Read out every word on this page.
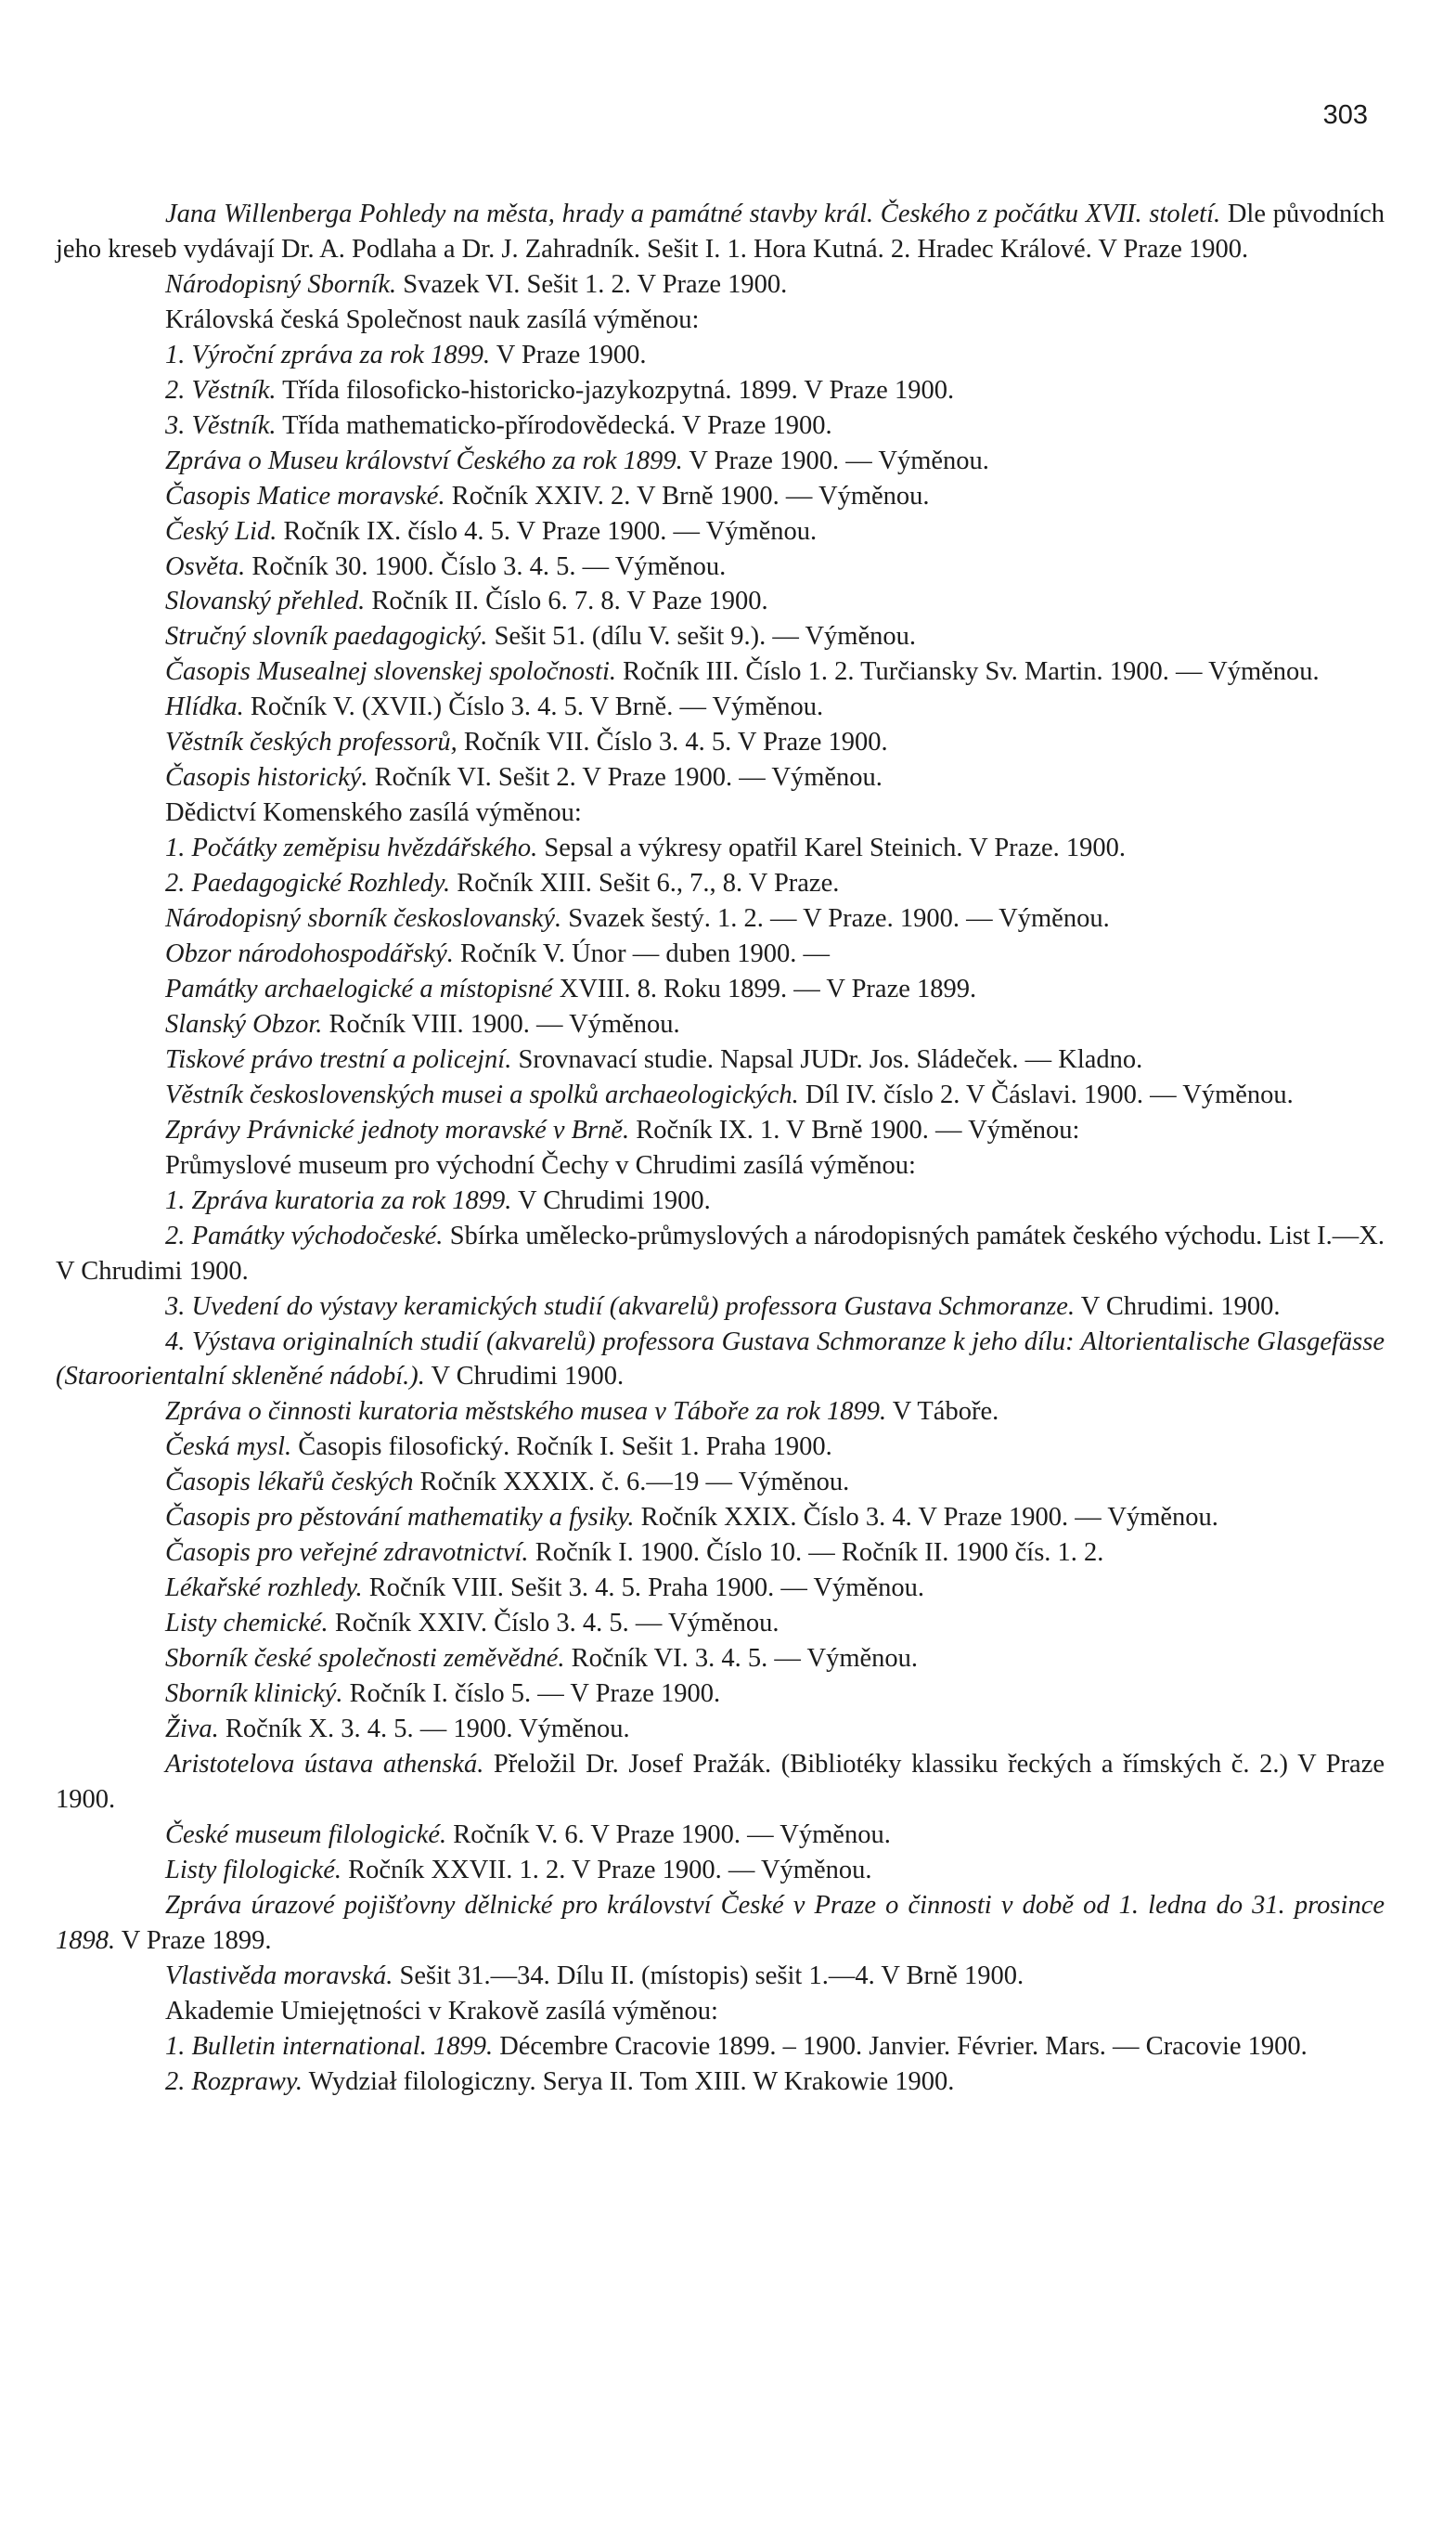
303

Jana Willenberga Pohledy na města, hrady a památné stavby král. Českého z počátku XVII. století. Dle původních jeho kreseb vydávají Dr. A. Podlaha a Dr. J. Zahradník. Sešit I. 1. Hora Kutná. 2. Hradec Králové. V Praze 1900.

Národopisný Sborník. Svazek VI. Sešit 1. 2. V Praze 1900.

Královská česká Společnost nauk zasílá výměnou:

1. Výroční zpráva za rok 1899. V Praze 1900.

2. Věstník. Třída filosoficko-historicko-jazykozpytná. 1899. V Praze 1900.

3. Věstník. Třída mathematicko-přírodovědecká. V Praze 1900.

Zpráva o Museu království Českého za rok 1899. V Praze 1900. — Výměnou.

Časopis Matice moravské. Ročník XXIV. 2. V Brně 1900. — Výměnou.

Český Lid. Ročník IX. číslo 4. 5. V Praze 1900. — Výměnou.

Osvěta. Ročník 30. 1900. Číslo 3. 4. 5. — Výměnou.

Slovanský přehled. Ročník II. Číslo 6. 7. 8. V Paze 1900.

Stručný slovník paedagogický. Sešit 51. (dílu V. sešit 9.). — Výměnou.

Časopis Musealnej slovenskej spoločnosti. Ročník III. Číslo 1. 2. Turčiansky Sv. Martin. 1900. — Výměnou.

Hlídka. Ročník V. (XVII.) Číslo 3. 4. 5. V Brně. — Výměnou.

Věstník českých professorů, Ročník VII. Číslo 3. 4. 5. V Praze 1900.

Časopis historický. Ročník VI. Sešit 2. V Praze 1900. — Výměnou.

Dědictví Komenského zasílá výměnou:

1. Počátky zeměpisu hvězdářského. Sepsal a výkresy opatřil Karel Steinich. V Praze. 1900.

2. Paedagogické Rozhledy. Ročník XIII. Sešit 6., 7., 8. V Praze.

Národopisný sborník českoslovanský. Svazek šestý. 1. 2. — V Praze. 1900. — Výměnou.

Obzor národohospodářský. Ročník V. Únor — duben 1900. —

Památky archaelogické a místopisné XVIII. 8. Roku 1899. — V Praze 1899.

Slanský Obzor. Ročník VIII. 1900. — Výměnou.

Tiskové právo trestní a policejní. Srovnavací studie. Napsal JUDr. Jos. Sládeček. — Kladno.

Věstník československých musei a spolků archaeologických. Díl IV. číslo 2. V Čáslavi. 1900. — Výměnou.

Zprávy Právnické jednoty moravské v Brně. Ročník IX. 1. V Brně 1900. — Výměnou:

Průmyslové museum pro východní Čechy v Chrudimi zasílá výměnou:

1. Zpráva kuratoria za rok 1899. V Chrudimi 1900.

2. Památky východočeské. Sbírka umělecko-průmyslových a národopisných památek českého východu. List I.—X. V Chrudimi 1900.

3. Uvedení do výstavy keramických studií (akvarelů) professora Gustava Schmoranze. V Chrudimi. 1900.

4. Výstava originalních studií (akvarelů) professora Gustava Schmoranze k jeho dílu: Altorientalische Glasgefässe (Staroorientalní skleněné nádobí.). V Chrudimi 1900.

Zpráva o činnosti kuratoria městského musea v Táboře za rok 1899. V Táboře.

Česká mysl. Časopis filosofický. Ročník I. Sešit 1. Praha 1900.

Časopis lékařů českých Ročník XXXIX. č. 6.—19 — Výměnou.

Časopis pro pěstování mathematiky a fysiky. Ročník XXIX. Číslo 3. 4. V Praze 1900. — Výměnou.

Časopis pro veřejné zdravotnictví. Ročník I. 1900. Číslo 10. — Ročník II. 1900 čís. 1. 2.

Lékařské rozhledy. Ročník VIII. Sešit 3. 4. 5. Praha 1900. — Výměnou.

Listy chemické. Ročník XXIV. Číslo 3. 4. 5. — Výměnou.

Sborník české společnosti zeměvědné. Ročník VI. 3. 4. 5. — Výměnou.

Sborník klinický. Ročník I. číslo 5. — V Praze 1900.

Živa. Ročník X. 3. 4. 5. — 1900. Výměnou.

Aristotelova ústava athenská. Přeložil Dr. Josef Pražák. (Bibliotéky klassiku řeckých a římských č. 2.) V Praze 1900.

České museum filologické. Ročník V. 6. V Praze 1900. — Výměnou.

Listy filologické. Ročník XXVII. 1. 2. V Praze 1900. — Výměnou.

Zpráva úrazové pojišťovny dělnické pro království České v Praze o činnosti v době od 1. ledna do 31. prosince 1898. V Praze 1899.

Vlastivěda moravská. Sešit 31.—34. Dílu II. (místopis) sešit 1.—4. V Brně 1900.

Akademie Umiejętności v Krakově zasílá výměnou:

1. Bulletin international. 1899. Décembre Cracovie 1899. – 1900. Janvier. Février. Mars. — Cracovie 1900.

2. Rozprawy. Wydział filologiczny. Serya II. Tom XIII. W Krakowie 1900.
